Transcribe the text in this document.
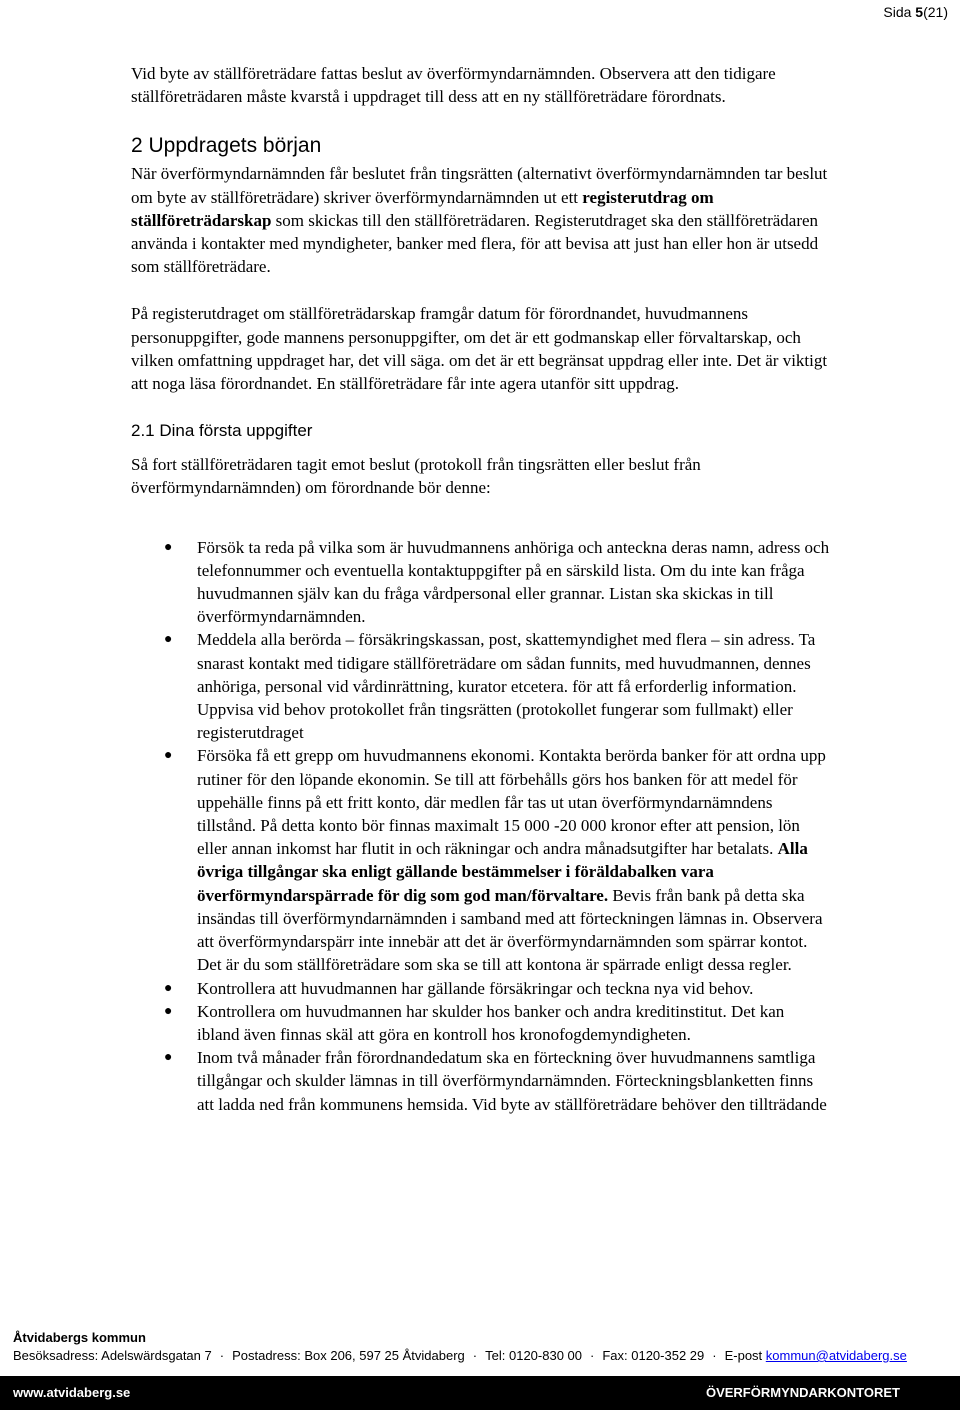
Sida 5(21)

Vid byte av ställföreträdare fattas beslut av överförmyndarnämnden. Observera att den tidigare ställföreträdaren måste kvarstå i uppdraget till dess att en ny ställföreträdare förordnats.

2 Uppdragets början

När överförmyndarnämnden får beslutet från tingsrätten (alternativt överförmyndarnämnden tar beslut om byte av ställföreträdare) skriver överförmyndarnämnden ut ett registerutdrag om ställföreträdarskap som skickas till den ställföreträdaren. Registerutdraget ska den ställföreträdaren använda i kontakter med myndigheter, banker med flera, för att bevisa att just han eller hon är utsedd som ställföreträdare.

På registerutdraget om ställföreträdarskap framgår datum för förordnandet, huvudmannens personuppgifter, gode mannens personuppgifter, om det är ett godmanskap eller förvaltarskap, och vilken omfattning uppdraget har, det vill säga. om det är ett begränsat uppdrag eller inte. Det är viktigt att noga läsa förordnandet. En ställföreträdare får inte agera utanför sitt uppdrag.

2.1 Dina första uppgifter

Så fort ställföreträdaren tagit emot beslut (protokoll från tingsrätten eller beslut från överförmyndarnämnden) om förordnande bör denne:

● Försök ta reda på vilka som är huvudmannens anhöriga och anteckna deras namn, adress och telefonnummer och eventuella kontaktuppgifter på en särskild lista. Om du inte kan fråga huvudmannen själv kan du fråga vårdpersonal eller grannar. Listan ska skickas in till överförmyndarnämnden.
● Meddela alla berörda – försäkringskassan, post, skattemyndighet med flera – sin adress. Ta snarast kontakt med tidigare ställföreträdare om sådan funnits, med huvudmannen, dennes anhöriga, personal vid vårdinrättning, kurator etcetera. för att få erforderlig information. Uppvisa vid behov protokollet från tingsrätten (protokollet fungerar som fullmakt) eller registerutdraget
● Försöka få ett grepp om huvudmannens ekonomi. Kontakta berörda banker för att ordna upp rutiner för den löpande ekonomin. Se till att förbehålls görs hos banken för att medel för uppehälle finns på ett fritt konto, där medlen får tas ut utan överförmyndarnämndens tillstånd. På detta konto bör finnas maximalt 15 000 -20 000 kronor efter att pension, lön eller annan inkomst har flutit in och räkningar och andra månadsutgifter har betalats. Alla övriga tillgångar ska enligt gällande bestämmelser i föräldabalken vara överförmyndarspärrade för dig som god man/förvaltare. Bevis från bank på detta ska insändas till överförmyndarnämnden i samband med att förteckningen lämnas in. Observera att överförmyndarspärr inte innebär att det är överförmyndarnämnden som spärrar kontot. Det är du som ställföreträdare som ska se till att kontona är spärrade enligt dessa regler.
● Kontrollera att huvudmannen har gällande försäkringar och teckna nya vid behov.
● Kontrollera om huvudmannen har skulder hos banker och andra kreditinstitut. Det kan ibland även finnas skäl att göra en kontroll hos kronofogdemyndigheten.
● Inom två månader från förordnandedatum ska en förteckning över huvudmannens samtliga tillgångar och skulder lämnas in till överförmyndarnämnden. Förteckningsblanketten finns att ladda ned från kommunens hemsida. Vid byte av ställföreträdare behöver den tillträdande
Åtvidabergs kommun
Besöksadress: Adelswärdsgatan 7 · Postadress: Box 206, 597 25 Åtvidaberg · Tel: 0120-830 00 · Fax: 0120-352 29 · E-post kommun@atvidaberg.se
www.atvidaberg.se	ÖVERFÖRMYNDARKONTORET
